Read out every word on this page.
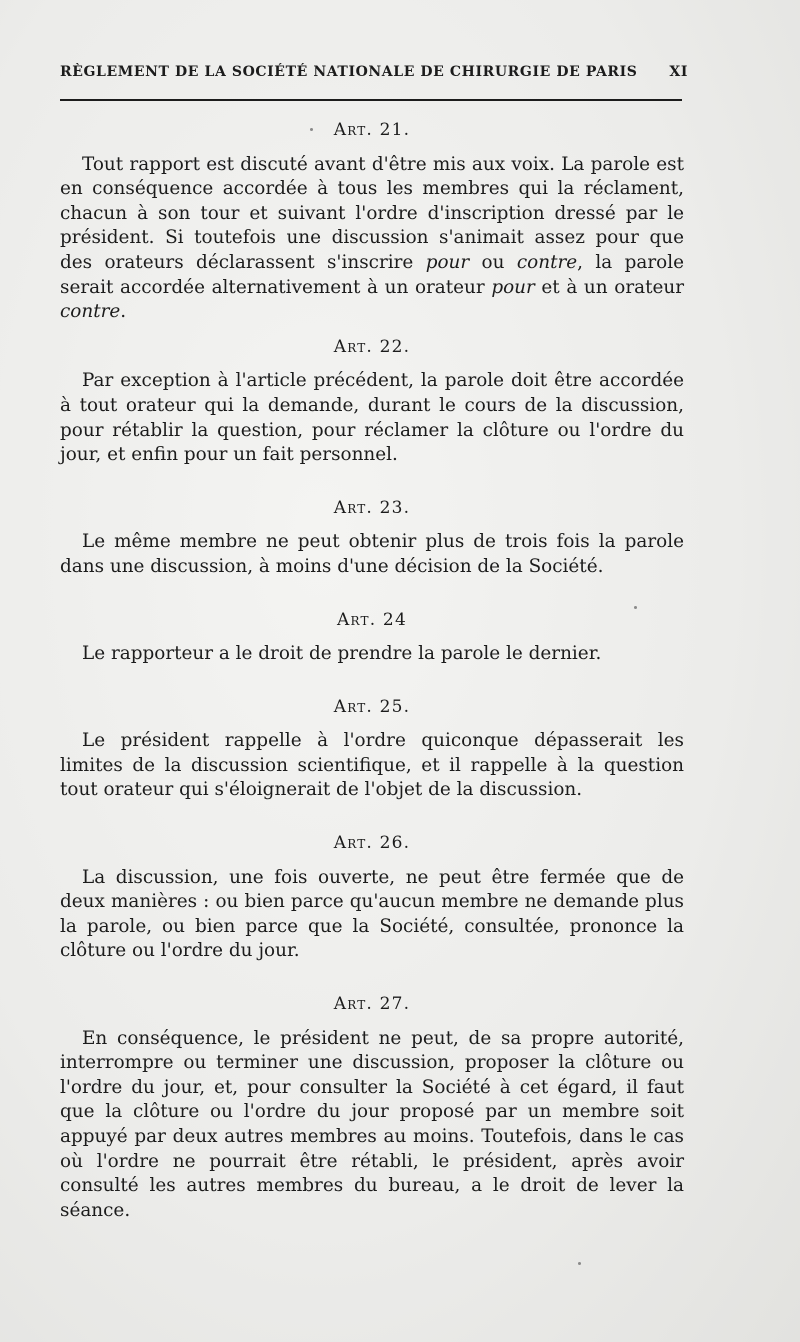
RÈGLEMENT DE LA SOCIÉTÉ NATIONALE DE CHIRURGIE DE PARIS XI
Art. 21.

Tout rapport est discuté avant d'être mis aux voix. La parole est en conséquence accordée à tous les membres qui la réclament, chacun à son tour et suivant l'ordre d'inscription dressé par le président. Si toutefois une discussion s'animait assez pour que des orateurs déclarassent s'inscrire pour ou contre, la parole serait accordée alternativement à un orateur pour et à un orateur contre.

Art. 22.

Par exception à l'article précédent, la parole doit être accordée à tout orateur qui la demande, durant le cours de la discussion, pour rétablir la question, pour réclamer la clôture ou l'ordre du jour, et enfin pour un fait personnel.

Art. 23.

Le même membre ne peut obtenir plus de trois fois la parole dans une discussion, à moins d'une décision de la Société.

Art. 24

Le rapporteur a le droit de prendre la parole le dernier.

Art. 25.

Le président rappelle à l'ordre quiconque dépasserait les limites de la discussion scientifique, et il rappelle à la question tout orateur qui s'éloignerait de l'objet de la discussion.

Art. 26.

La discussion, une fois ouverte, ne peut être fermée que de deux manières : ou bien parce qu'aucun membre ne demande plus la parole, ou bien parce que la Société, consultée, prononce la clôture ou l'ordre du jour.

Art. 27.

En conséquence, le président ne peut, de sa propre autorité, interrompre ou terminer une discussion, proposer la clôture ou l'ordre du jour, et, pour consulter la Société à cet égard, il faut que la clôture ou l'ordre du jour proposé par un membre soit appuyé par deux autres membres au moins. Toutefois, dans le cas où l'ordre ne pourrait être rétabli, le président, après avoir consulté les autres membres du bureau, a le droit de lever la séance.
